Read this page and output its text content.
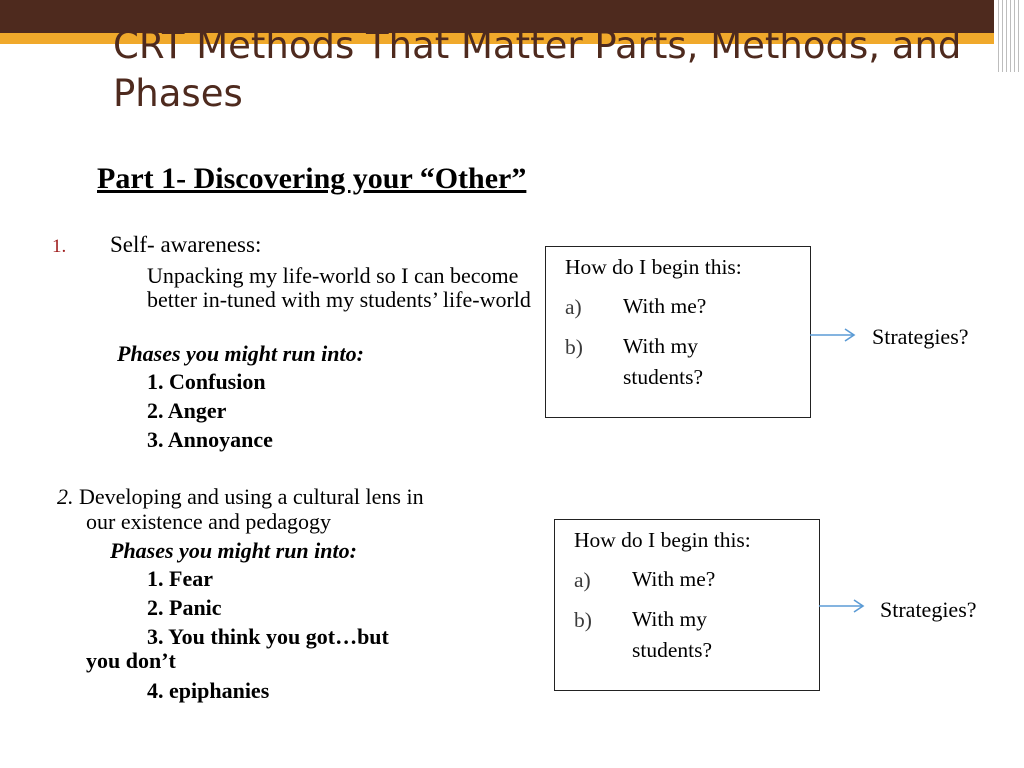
CRT Methods That Matter Parts, Methods, and Phases
Part 1- Discovering your “Other”
1. Self- awareness:
Unpacking my life-world so I can become better in-tuned with my students’ life-world
Phases you might run into:
1. Confusion
2. Anger
3. Annoyance
2. Developing and using a cultural lens in
our existence and pedagogy
Phases you might run into:
1. Fear
2. Panic
3. You think you got…but
you don’t
4. epiphanies
How do I begin this:
a) With me?
b) With my students?
Strategies?
How do I begin this:
a) With me?
b) With my students?
Strategies?
